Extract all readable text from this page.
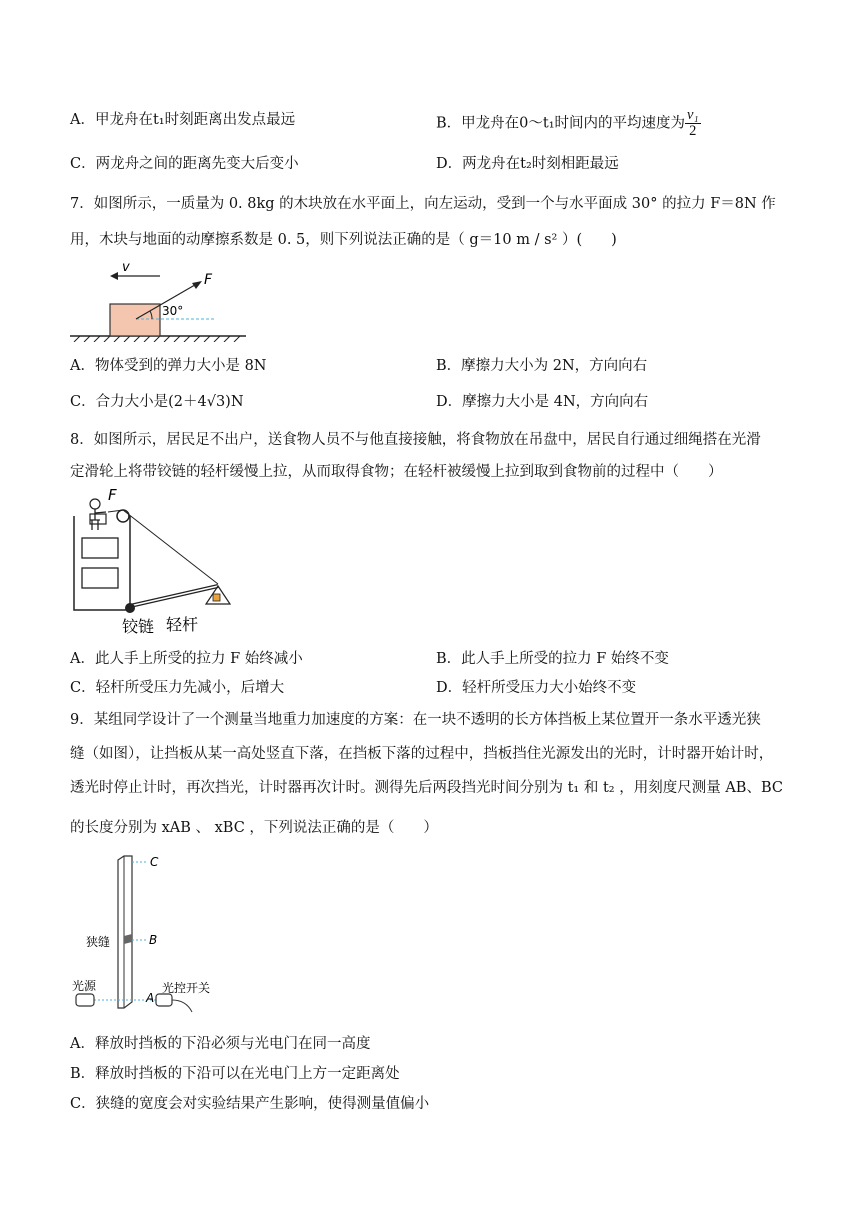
A．甲龙舟在t₁时刻距离出发点最远	B．甲龙舟在0～t₁时间内的平均速度为 $\frac{\text{v₁}}{2}$
C．两龙舟之间的距离先变大后变小	D．两龙舟在t₂时刻相距最远
7．如图所示，一质量为 0. 8kg 的木块放在水平面上，向左运动，受到一个与水平面成 30° 的拉力 F＝8N 作
用，木块与地面的动摩擦系数是 0. 5，则下列说法正确的是（ g＝10 m / s² ）(　　)
v
F
30°
A．物体受到的弹力大小是 8N	B．摩擦力大小为 2N，方向向右
C．合力大小是(2＋4√3)N	D．摩擦力大小是 4N，方向向右
8．如图所示，居民足不出户，送食物人员不与他直接接触，将食物放在吊盘中，居民自行通过细绳搭在光滑
定滑轮上将带铰链的轻杆缓慢上拉，从而取得食物；在轻杆被缓慢上拉到取到食物前的过程中（　　）
F
轻杆
铰链
A．此人手上所受的拉力 F 始终减小	B．此人手上所受的拉力 F 始终不变
C．轻杆所受压力先减小，后增大	D．轻杆所受压力大小始终不变
9．某组同学设计了一个测量当地重力加速度的方案：在一块不透明的长方体挡板上某位置开一条水平透光狭
缝（如图），让挡板从某一高处竖直下落，在挡板下落的过程中，挡板挡住光源发出的光时，计时器开始计时，
透光时停止计时，再次挡光，计时器再次计时。测得先后两段挡光时间分别为 t₁ 和 t₂ ，用刻度尺测量 AB、BC
的长度分别为 xAB 、 xBC ，下列说法正确的是（　　）
C
B
A
狭缝
光源	光控开关
A．释放时挡板的下沿必须与光电门在同一高度
B．释放时挡板的下沿可以在光电门上方一定距离处
C．狭缝的宽度会对实验结果产生影响，使得测量值偏小
